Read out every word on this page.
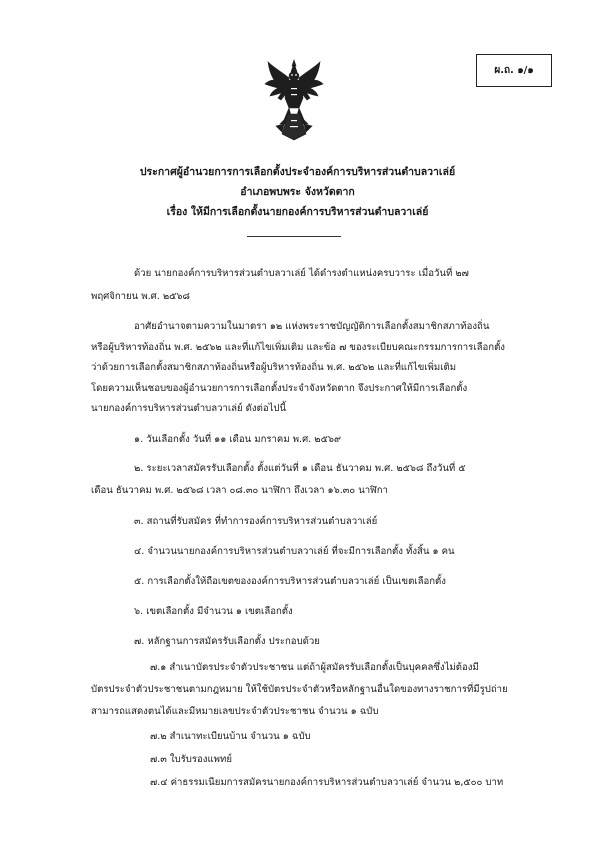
ผ.ถ. ๑/๑
ประกาศผู้อำนวยการการเลือกตั้งประจำองค์การบริหารส่วนตำบลวาเล่ย์
อำเภอพบพระ จังหวัดตาก
เรื่อง ให้มีการเลือกตั้งนายกองค์การบริหารส่วนตำบลวาเล่ย์
ด้วย นายกองค์การบริหารส่วนตำบลวาเล่ย์ ได้ดำรงตำแหน่งครบวาระ เมื่อวันที่ ๒๗
พฤศจิกายน พ.ศ. ๒๕๖๘
อาศัยอำนาจตามความในมาตรา ๑๒ แห่งพระราชบัญญัติการเลือกตั้งสมาชิกสภาท้องถิ่น
หรือผู้บริหารท้องถิ่น พ.ศ. ๒๕๖๒ และที่แก้ไขเพิ่มเติม และข้อ ๗ ของระเบียบคณะกรรมการการเลือกตั้ง
ว่าด้วยการเลือกตั้งสมาชิกสภาท้องถิ่นหรือผู้บริหารท้องถิ่น พ.ศ. ๒๕๖๒ และที่แก้ไขเพิ่มเติม
โดยความเห็นชอบของผู้อำนวยการการเลือกตั้งประจำจังหวัดตาก จึงประกาศให้มีการเลือกตั้ง
นายกองค์การบริหารส่วนตำบลวาเล่ย์ ดังต่อไปนี้
๑. วันเลือกตั้ง วันที่ ๑๑ เดือน มกราคม พ.ศ. ๒๕๖๙
๒. ระยะเวลาสมัครรับเลือกตั้ง ตั้งแต่วันที่ ๑ เดือน ธันวาคม พ.ศ. ๒๕๖๘ ถึงวันที่ ๕
เดือน ธันวาคม พ.ศ. ๒๕๖๘ เวลา ๐๘.๓๐ นาฬิกา ถึงเวลา ๑๖.๓๐ นาฬิกา
๓. สถานที่รับสมัคร ที่ทำการองค์การบริหารส่วนตำบลวาเล่ย์
๔. จำนวนนายกองค์การบริหารส่วนตำบลวาเล่ย์ ที่จะมีการเลือกตั้ง ทั้งสิ้น ๑ คน
๕. การเลือกตั้งให้ถือเขตขององค์การบริหารส่วนตำบลวาเล่ย์ เป็นเขตเลือกตั้ง
๖. เขตเลือกตั้ง มีจำนวน ๑ เขตเลือกตั้ง
๗. หลักฐานการสมัครรับเลือกตั้ง ประกอบด้วย
๗.๑ สำเนาบัตรประจำตัวประชาชน แต่ถ้าผู้สมัครรับเลือกตั้งเป็นบุคคลซึ่งไม่ต้องมี
บัตรประจำตัวประชาชนตามกฎหมาย ให้ใช้บัตรประจำตัวหรือหลักฐานอื่นใดของทางราชการที่มีรูปถ่าย
สามารถแสดงตนได้และมีหมายเลขประจำตัวประชาชน จำนวน ๑ ฉบับ
๗.๒ สำเนาทะเบียนบ้าน จำนวน ๑ ฉบับ
๗.๓ ใบรับรองแพทย์
๗.๔ ค่าธรรมเนียมการสมัครนายกองค์การบริหารส่วนตำบลวาเล่ย์ จำนวน ๒,๕๐๐ บาท
